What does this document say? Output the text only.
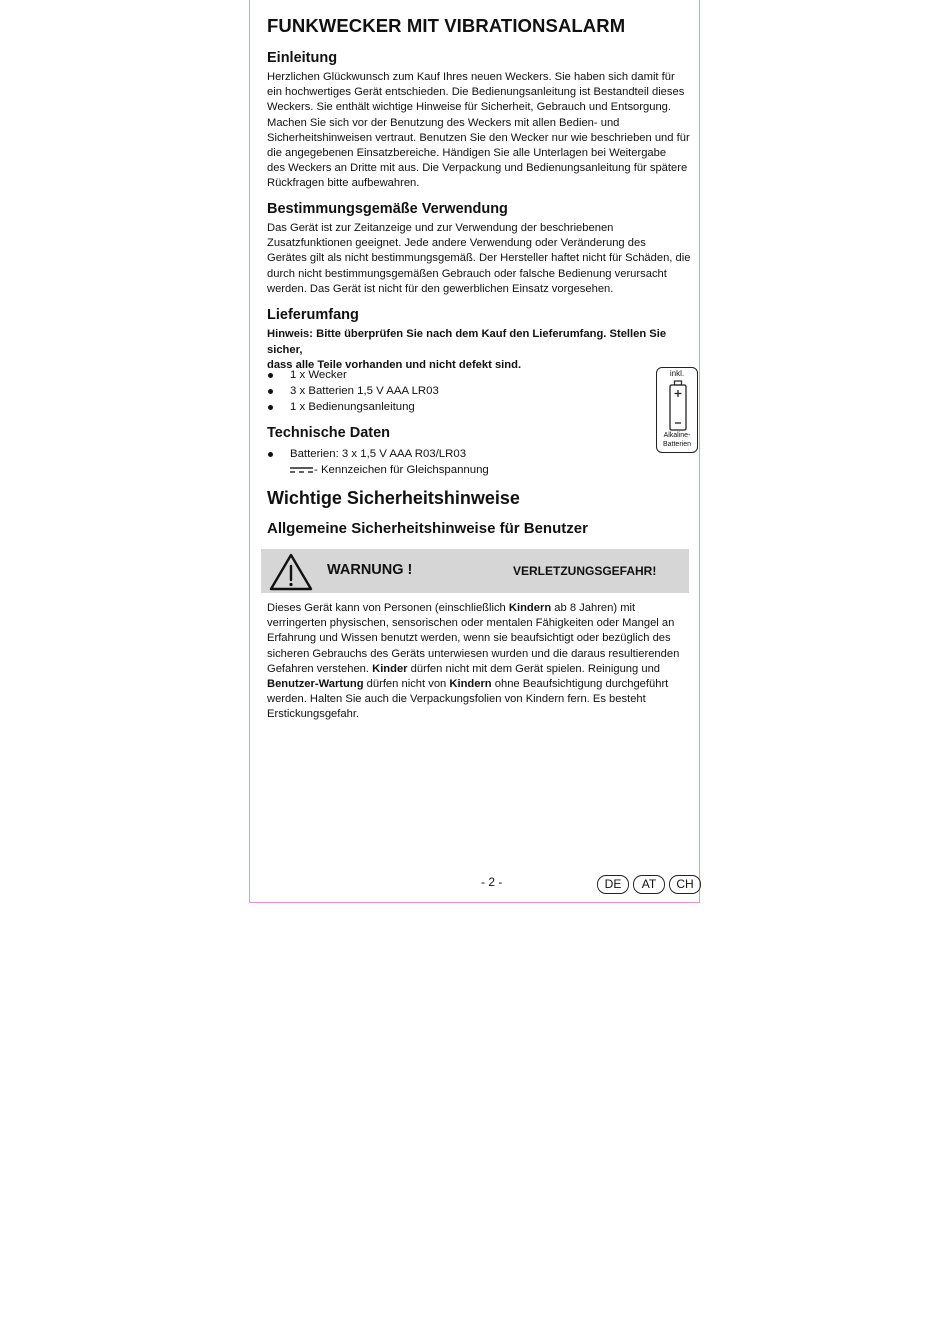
FUNKWECKER MIT VIBRATIONSALARM
Einleitung

Herzlichen Glückwunsch zum Kauf Ihres neuen Weckers. Sie haben sich damit für
ein hochwertiges Gerät entschieden. Die Bedienungsanleitung ist Bestandteil dieses
Weckers. Sie enthält wichtige Hinweise für Sicherheit, Gebrauch und Entsorgung.
Machen Sie sich vor der Benutzung des Weckers mit allen Bedien- und
Sicherheitshinweisen vertraut. Benutzen Sie den Wecker nur wie beschrieben und für
die angegebenen Einsatzbereiche. Händigen Sie alle Unterlagen bei Weitergabe
des Weckers an Dritte mit aus. Die Verpackung und Bedienungsanleitung für spätere
Rückfragen bitte aufbewahren.

Bestimmungsgemäße Verwendung

Das Gerät ist zur Zeitanzeige und zur Verwendung der beschriebenen
Zusatzfunktionen geeignet. Jede andere Verwendung oder Veränderung des
Gerätes gilt als nicht bestimmungsgemäß. Der Hersteller haftet nicht für Schäden, die
durch nicht bestimmungsgemäßen Gebrauch oder falsche Bedienung verursacht
werden. Das Gerät ist nicht für den gewerblichen Einsatz vorgesehen.

Lieferumfang

Hinweis: Bitte überprüfen Sie nach dem Kauf den Lieferumfang. Stellen Sie sicher,
dass alle Teile vorhanden und nicht defekt sind.

1 x Wecker
3 x Batterien 1,5 V AAA LR03
1 x Bedienungsanleitung
inkl.
Alkaline-
Batterien
Technische Daten
Batterien: 3 x 1,5 V AAA R03/LR03
- Kennzeichen für Gleichspannung
Wichtige Sicherheitshinweise
Allgemeine Sicherheitshinweise für Benutzer
WARNUNG !	VERLETZUNGSGEFAHR!

Dieses Gerät kann von Personen (einschließlich Kindern ab 8 Jahren) mit
verringerten physischen, sensorischen oder mentalen Fähigkeiten oder Mangel an
Erfahrung und Wissen benutzt werden, wenn sie beaufsichtigt oder bezüglich des
sicheren Gebrauchs des Geräts unterwiesen wurden und die daraus resultierenden
Gefahren verstehen. Kinder dürfen nicht mit dem Gerät spielen. Reinigung und
Benutzer-Wartung dürfen nicht von Kindern ohne Beaufsichtigung durchgeführt
werden. Halten Sie auch die Verpackungsfolien von Kindern fern. Es besteht
Erstickungsgefahr.

- 2 -	DE	AT	CH
